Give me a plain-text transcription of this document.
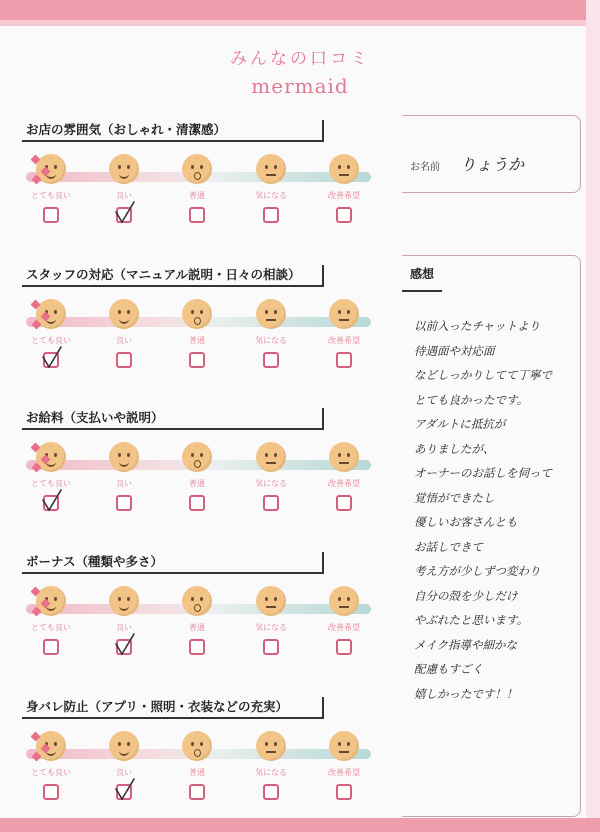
みんなの口コミ
mermaid
お店の雰囲気（おしゃれ・清潔感）
とても良い	良い	普通	気になる	改善希望
スタッフの対応（マニュアル説明・日々の相談）
とても良い	良い	普通	気になる	改善希望
お給料（支払いや説明）
とても良い	良い	普通	気になる	改善希望
ボーナス（種類や多さ）
とても良い	良い	普通	気になる	改善希望
身バレ防止（アプリ・照明・衣装などの充実）
とても良い	良い	普通	気になる	改善希望
お名前 りょうか
感想
以前入ったチャットより
待遇面や対応面
などしっかりしてて丁寧で
とても良かったです。
アダルトに抵抗が
ありましたが、
オーナーのお話しを伺って
覚悟ができたし
優しいお客さんとも
お話しできて
考え方が少しずつ変わり
自分の殻を少しだけ
やぶれたと思います。
メイク指導や細かな
配慮もすごく
嬉しかったです！！
